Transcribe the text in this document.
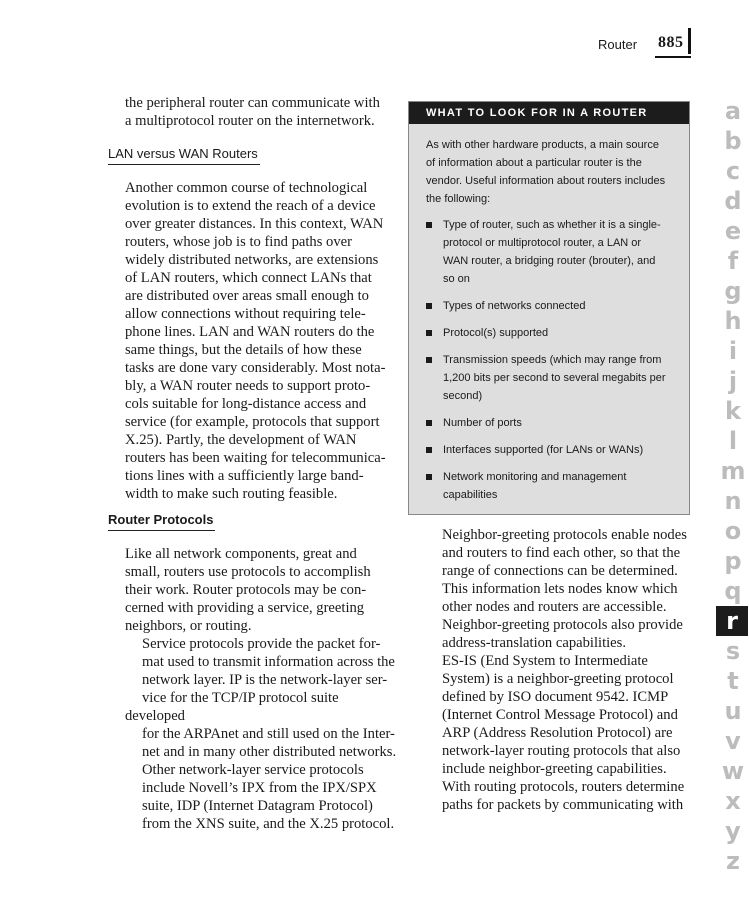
Router 885
the peripheral router can communicate with
a multiprotocol router on the internetwork.
LAN versus WAN Routers
Another common course of technological
evolution is to extend the reach of a device
over greater distances. In this context, WAN
routers, whose job is to find paths over
widely distributed networks, are extensions
of LAN routers, which connect LANs that
are distributed over areas small enough to
allow connections without requiring tele-
phone lines. LAN and WAN routers do the
same things, but the details of how these
tasks are done vary considerably. Most nota-
bly, a WAN router needs to support proto-
cols suitable for long-distance access and
service (for example, protocols that support
X.25). Partly, the development of WAN
routers has been waiting for telecommunica-
tions lines with a sufficiently large band-
width to make such routing feasible.
Router Protocols
Like all network components, great and
small, routers use protocols to accomplish
their work. Router protocols may be con-
cerned with providing a service, greeting
neighbors, or routing.
Service protocols provide the packet for-
mat used to transmit information across the
network layer. IP is the network-layer ser-
vice for the TCP/IP protocol suite developed
for the ARPAnet and still used on the Inter-
net and in many other distributed networks.
Other network-layer service protocols
include Novell’s IPX from the IPX/SPX
suite, IDP (Internet Datagram Protocol)
from the XNS suite, and the X.25 protocol.
WHAT TO LOOK FOR IN A ROUTER
As with other hardware products, a main source
of information about a particular router is the
vendor. Useful information about routers includes
the following:
Type of router, such as whether it is a single-
protocol or multiprotocol router, a LAN or
WAN router, a bridging router (brouter), and
so on
Types of networks connected
Protocol(s) supported
Transmission speeds (which may range from
1,200 bits per second to several megabits per
second)
Number of ports
Interfaces supported (for LANs or WANs)
Network monitoring and management
capabilities
Neighbor-greeting protocols enable nodes
and routers to find each other, so that the
range of connections can be determined.
This information lets nodes know which
other nodes and routers are accessible.
Neighbor-greeting protocols also provide
address-translation capabilities.
ES-IS (End System to Intermediate
System) is a neighbor-greeting protocol
defined by ISO document 9542. ICMP
(Internet Control Message Protocol) and
ARP (Address Resolution Protocol) are
network-layer routing protocols that also
include neighbor-greeting capabilities.
With routing protocols, routers determine
paths for packets by communicating with
a
b
c
d
e
f
g
h
i
j
k
l
m
n
o
p
q
r
s
t
u
v
w
x
y
z
